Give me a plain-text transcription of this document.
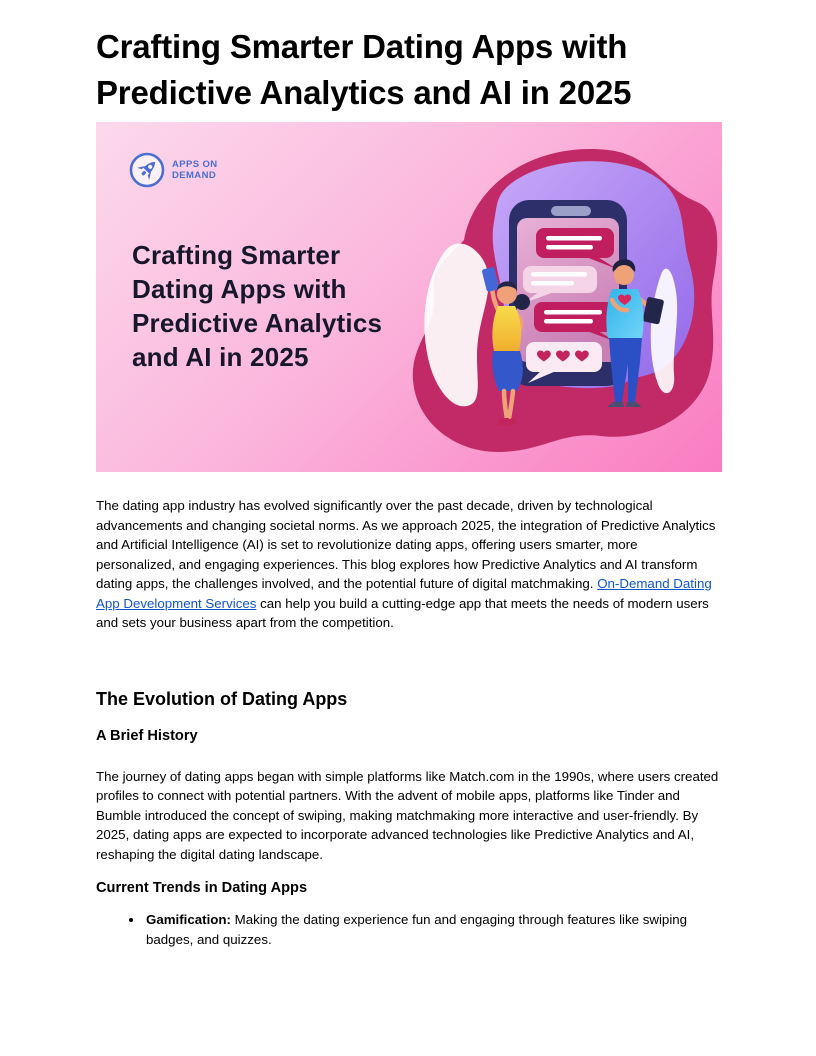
Crafting Smarter Dating Apps with
Predictive Analytics and AI in 2025
APPS ON
DEMAND
Crafting Smarter
Dating Apps with
Predictive Analytics
and AI in 2025

The dating app industry has evolved significantly over the past decade, driven by technological advancements and changing societal norms. As we approach 2025, the integration of Predictive Analytics and Artificial Intelligence (AI) is set to revolutionize dating apps, offering users smarter, more personalized, and engaging experiences. This blog explores how Predictive Analytics and AI transform dating apps, the challenges involved, and the potential future of digital matchmaking. On-Demand Dating App Development Services can help you build a cutting-edge app that meets the needs of modern users and sets your business apart from the competition.

The Evolution of Dating Apps
A Brief History

The journey of dating apps began with simple platforms like Match.com in the 1990s, where users created profiles to connect with potential partners. With the advent of mobile apps, platforms like Tinder and Bumble introduced the concept of swiping, making matchmaking more interactive and user-friendly. By 2025, dating apps are expected to incorporate advanced technologies like Predictive Analytics and AI, reshaping the digital dating landscape.

Current Trends in Dating Apps
• Gamification: Making the dating experience fun and engaging through features like swiping badges, and quizzes.
